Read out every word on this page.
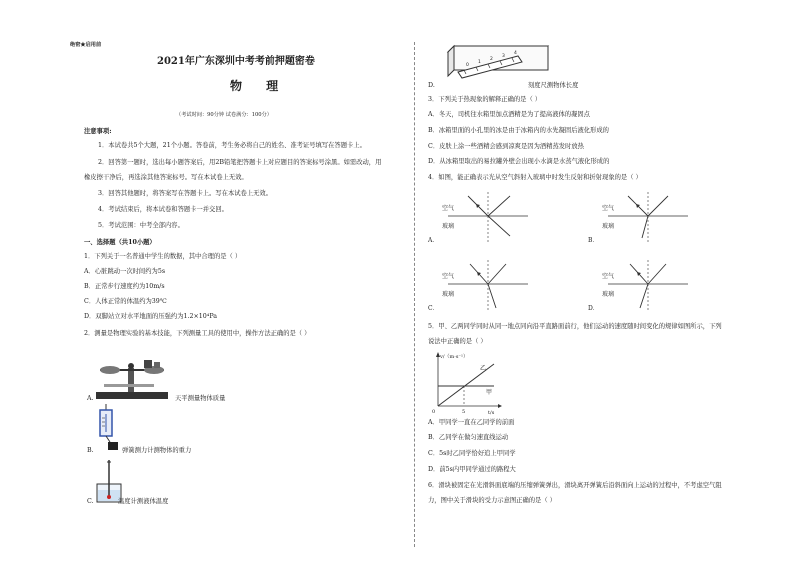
绝密★启用前
2021年广东深圳中考考前押题密卷
物 理
（考试时间：90分钟 试卷满分：100分）
注意事项:
1．本试卷共5个大题，21个小题。答卷前，考生务必将自己的姓名、准考证号填写在答题卡上。
2．回答第一题时，选出每小题答案后，用2B铅笔把答题卡上对应题目的答案标号涂黑。如需改动，用
橡皮擦干净后，再选涂其他答案标号。写在本试卷上无效。
3．回答其他题时，将答案写在答题卡上。写在本试卷上无效。
4．考试结束后，将本试卷和答题卡一并交回。
5．考试范围：中考全部内容。
一、选择题（共10小题）
1．下列关于一名普通中学生的数据，其中合理的是（ ）
A．心脏跳动一次时间约为5s
B．正常步行速度约为10m/s
C．人体正常的体温约为39℃
D．双脚站立对水平地面的压强约为1.2×10⁴Pa
2．测量是物理实验的基本技能，下列测量工具的使用中，操作方法正确的是（ ）
A.	天平测量物体质量
B.	弹簧测力计测物体的重力
C.	温度计测液体温度
0
1
2
3
4
D.	刻度尺测物体长度
3．下列关于热现象的解释正确的是（ ）
A．冬天，司机往水箱里加点酒精是为了提高液体的凝固点
B．冰箱里面的小孔里的冰是由于冰箱内的水先凝固后液化形成的
C．皮肤上涂一些酒精会感到凉爽是因为酒精蒸发时放热
D．从冰箱里取出的易拉罐外壁会出现小水滴是水蒸气液化形成的
4．如图，能正确表示光从空气斜射入玻璃中时发生反射和折射现象的是（ ）
空气
玻璃
A．
空气
玻璃
B．
空气
玻璃
C．
空气
玻璃
D．
5．甲、乙两同学同时从同一地点同向沿平直路面前行，他们运动的速度随时间变化的规律如图所示，下列
说法中正确的是（ ）
v/（m·s⁻¹）
t/s
0	5
甲
乙
A．甲同学一直在乙同学的前面
B．乙同学在做匀速直线运动
C．5s时乙同学恰好追上甲同学
D．前5s内甲同学通过的路程大
6．滑块被固定在光滑斜面底端的压缩弹簧弹出，滑块离开弹簧后沿斜面向上运动的过程中，不考虑空气阻
力，图中关于滑块的受力示意图正确的是（ ）
